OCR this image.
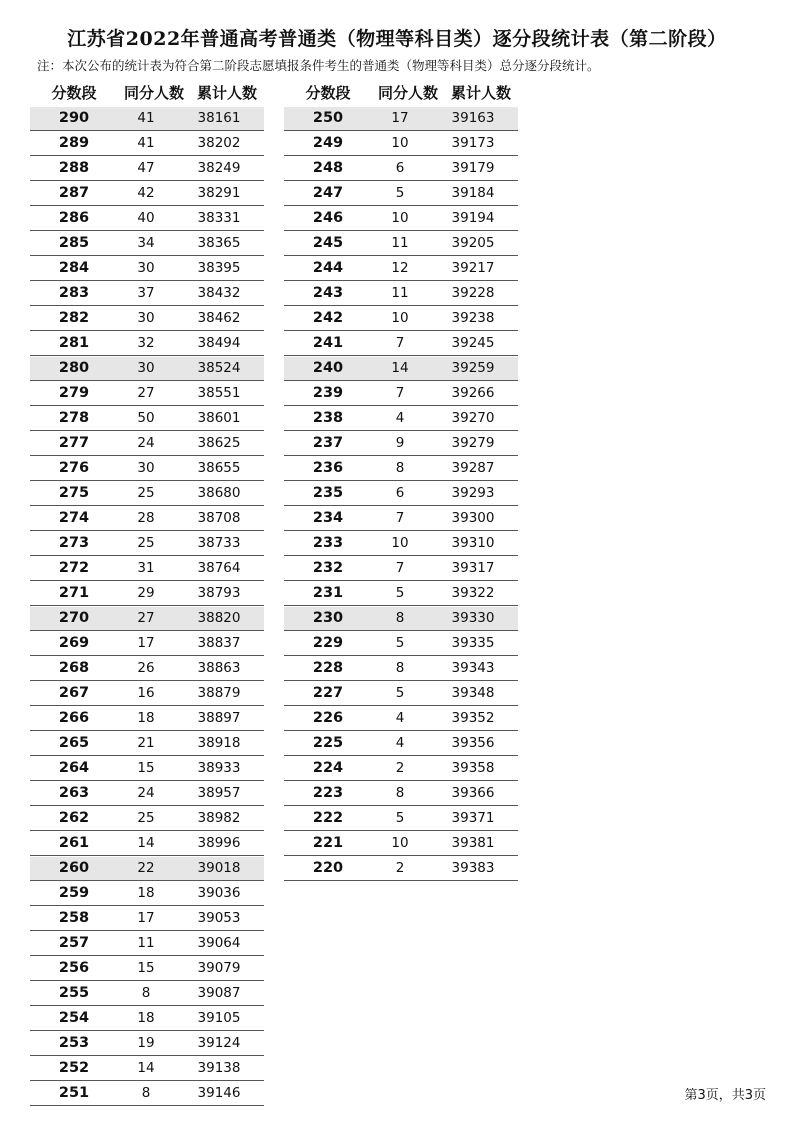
江苏省2022年普通高考普通类（物理等科目类）逐分段统计表（第二阶段）
注：本次公布的统计表为符合第二阶段志愿填报条件考生的普通类（物理等科目类）总分逐分段统计。
分数段	同分人数 累计人数
290	41	38161
289	41	38202
288	47	38249
287	42	38291
286	40	38331
285	34	38365
284	30	38395
283	37	38432
282	30	38462
281	32	38494
280	30	38524
279	27	38551
278	50	38601
277	24	38625
276	30	38655
275	25	38680
274	28	38708
273	25	38733
272	31	38764
271	29	38793
270	27	38820
269	17	38837
268	26	38863
267	16	38879
266	18	38897
265	21	38918
264	15	38933
263	24	38957
262	25	38982
261	14	38996
260	22	39018
259	18	39036
258	17	39053
257	11	39064
256	15	39079
255	8	39087
254	18	39105
253	19	39124
252	14	39138
251	8	39146
分数段	同分人数 累计人数
250	17	39163
249	10	39173
248	6	39179
247	5	39184
246	10	39194
245	11	39205
244	12	39217
243	11	39228
242	10	39238
241	7	39245
240	14	39259
239	7	39266
238	4	39270
237	9	39279
236	8	39287
235	6	39293
234	7	39300
233	10	39310
232	7	39317
231	5	39322
230	8	39330
229	5	39335
228	8	39343
227	5	39348
226	4	39352
225	4	39356
224	2	39358
223	8	39366
222	5	39371
221	10	39381
220	2	39383
第3页，共3页
